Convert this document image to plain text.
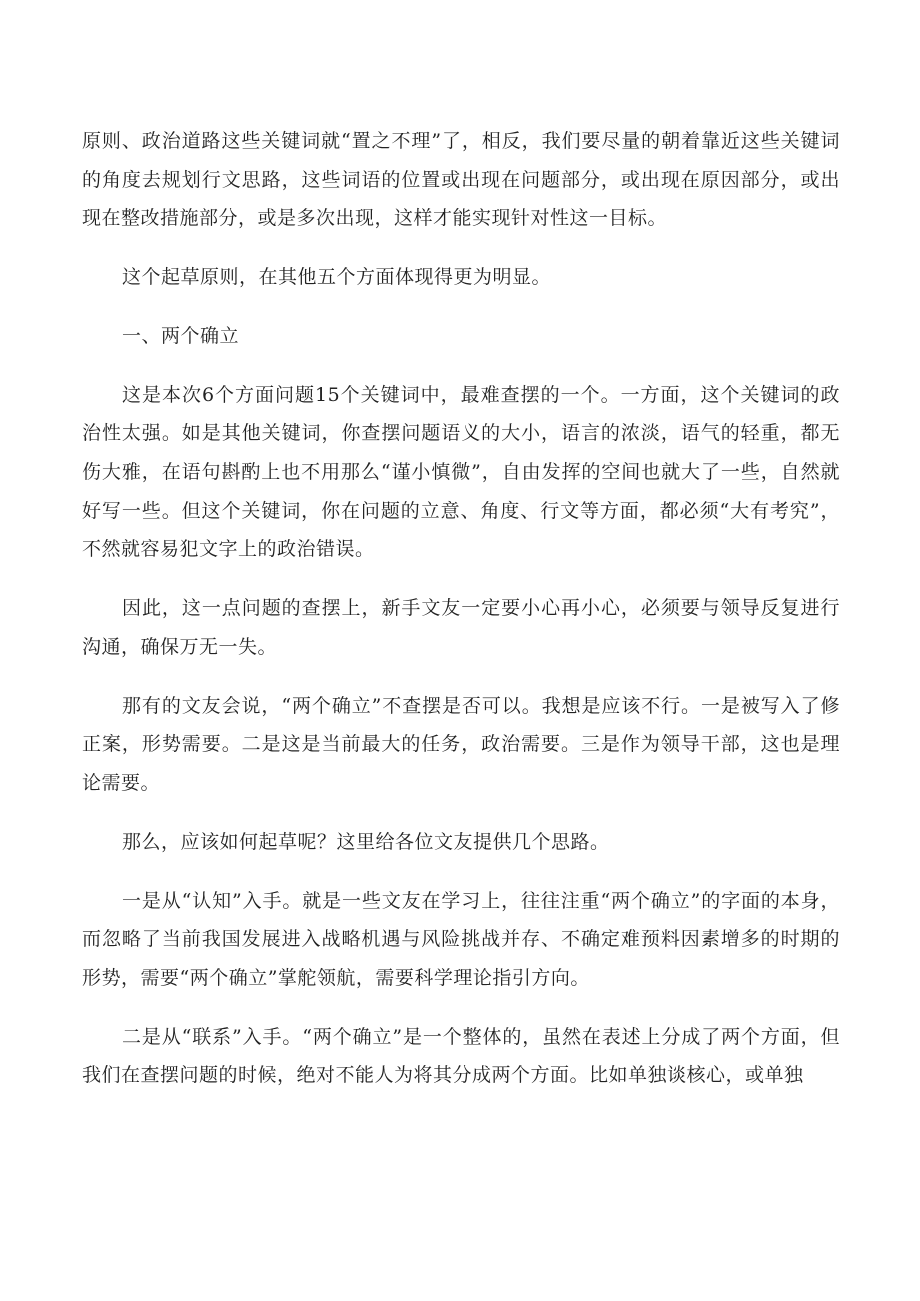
原则、政治道路这些关键词就“置之不理”了，相反，我们要尽量的朝着靠近这些关键词的角度去规划行文思路，这些词语的位置或出现在问题部分，或出现在原因部分，或出现在整改措施部分，或是多次出现，这样才能实现针对性这一目标。

这个起草原则，在其他五个方面体现得更为明显。

一、两个确立

这是本次6个方面问题15个关键词中，最难查摆的一个。一方面，这个关键词的政治性太强。如是其他关键词，你查摆问题语义的大小，语言的浓淡，语气的轻重，都无伤大雅，在语句斟酌上也不用那么“谨小慎微”，自由发挥的空间也就大了一些，自然就好写一些。但这个关键词，你在问题的立意、角度、行文等方面，都必须“大有考究”，不然就容易犯文字上的政治错误。

因此，这一点问题的查摆上，新手文友一定要小心再小心，必须要与领导反复进行沟通，确保万无一失。

那有的文友会说，“两个确立”不查摆是否可以。我想是应该不行。一是被写入了修正案，形势需要。二是这是当前最大的任务，政治需要。三是作为领导干部，这也是理论需要。

那么，应该如何起草呢？这里给各位文友提供几个思路。

一是从“认知”入手。就是一些文友在学习上，往往注重“两个确立”的字面的本身，而忽略了当前我国发展进入战略机遇与风险挑战并存、不确定难预料因素增多的时期的形势，需要“两个确立”掌舵领航，需要科学理论指引方向。

二是从“联系”入手。“两个确立”是一个整体的，虽然在表述上分成了两个方面，但我们在查摆问题的时候，绝对不能人为将其分成两个方面。比如单独谈核心，或单独
